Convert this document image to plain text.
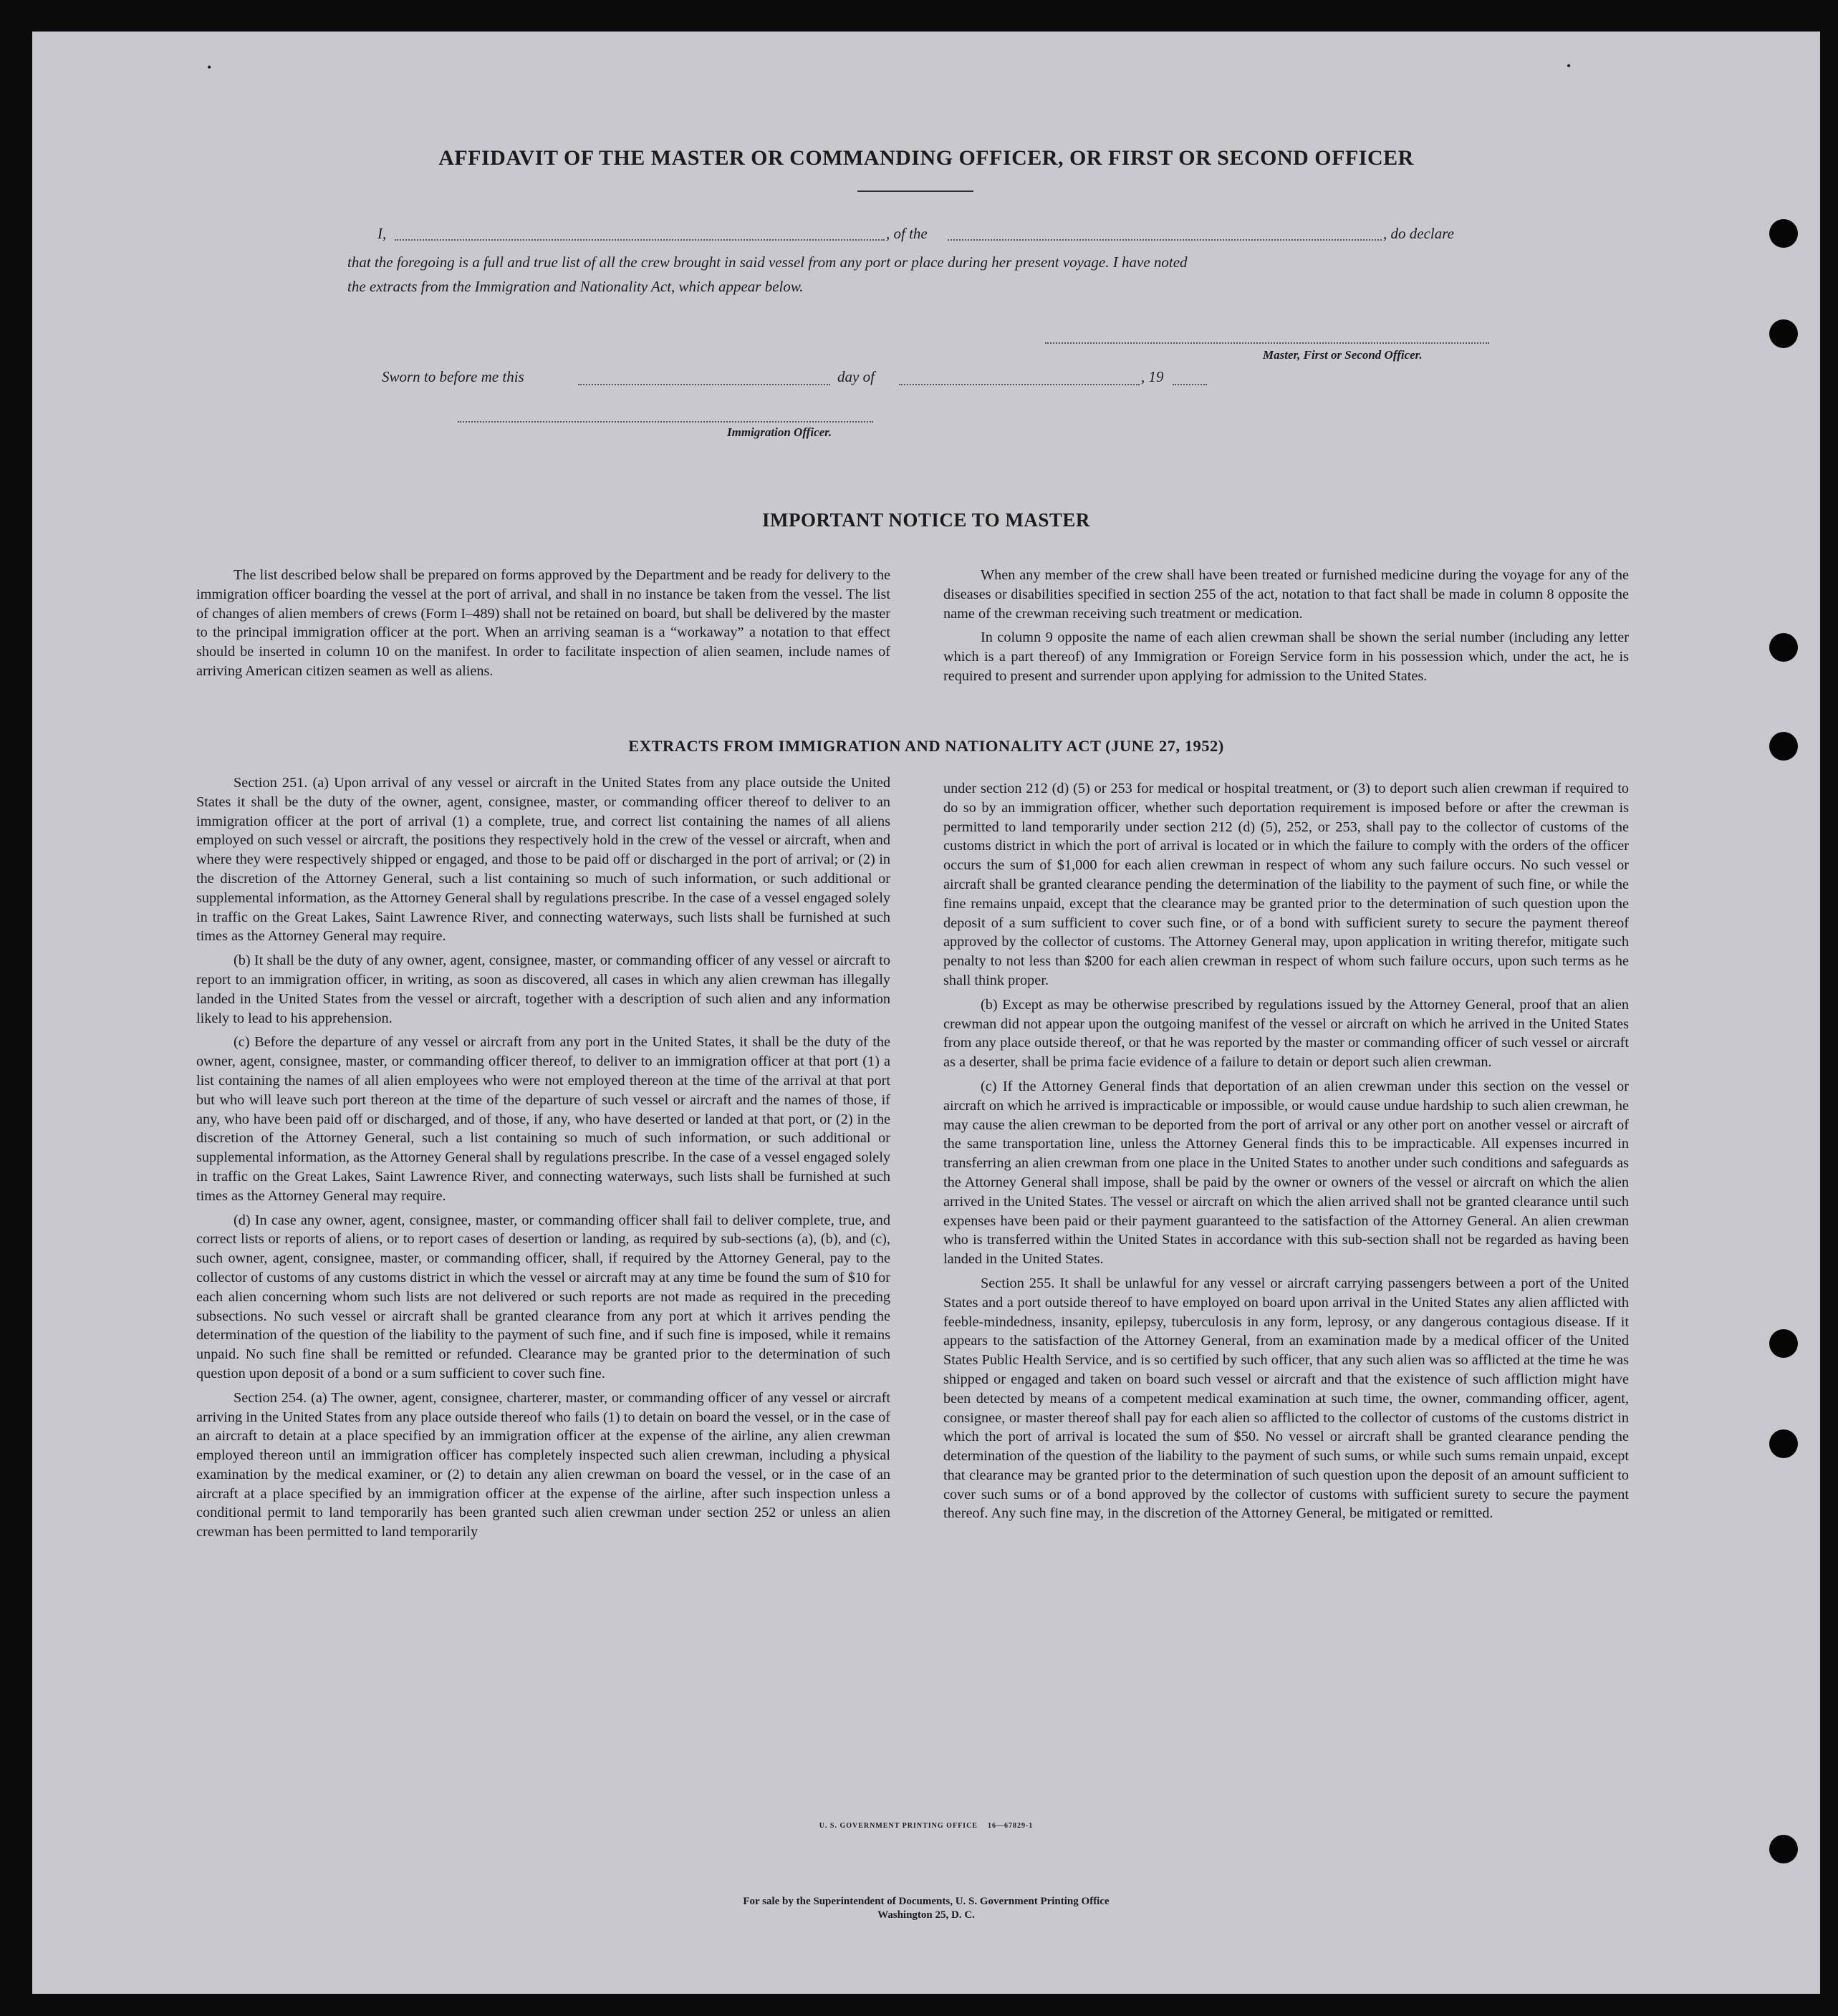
AFFIDAVIT OF THE MASTER OR COMMANDING OFFICER, OR FIRST OR SECOND OFFICER
I,	, of the	, do declare
that the foregoing is a full and true list of all the crew brought in said vessel from any port or place during her present voyage. I have noted
the extracts from the Immigration and Nationality Act, which appear below.
Master, First or Second Officer.
Sworn to before me this	day of	, 19
Immigration Officer.
IMPORTANT NOTICE TO MASTER

The list described below shall be prepared on forms approved by the Department and be ready for delivery to the immigration officer boarding the vessel at the port of arrival, and shall in no instance be taken from the vessel. The list of changes of alien members of crews (Form I–489) shall not be retained on board, but shall be delivered by the master to the principal immigration officer at the port. When an arriving seaman is a “workaway” a notation to that effect should be inserted in column 10 on the manifest. In order to facilitate inspection of alien seamen, include names of arriving American citizen seamen as well as aliens.

When any member of the crew shall have been treated or furnished medicine during the voyage for any of the diseases or disabilities specified in section 255 of the act, notation to that fact shall be made in column 8 opposite the name of the crewman receiving such treatment or medication.

In column 9 opposite the name of each alien crewman shall be shown the serial number (including any letter which is a part thereof) of any Immigration or Foreign Service form in his possession which, under the act, he is required to present and surrender upon applying for admission to the United States.

EXTRACTS FROM IMMIGRATION AND NATIONALITY ACT (JUNE 27, 1952)

Section 251. (a) Upon arrival of any vessel or aircraft in the United States from any place outside the United States it shall be the duty of the owner, agent, consignee, master, or commanding officer thereof to deliver to an immigration officer at the port of arrival (1) a complete, true, and correct list containing the names of all aliens employed on such vessel or aircraft, the positions they respectively hold in the crew of the vessel or aircraft, when and where they were respectively shipped or engaged, and those to be paid off or discharged in the port of arrival; or (2) in the discretion of the Attorney General, such a list containing so much of such information, or such additional or supplemental information, as the Attorney General shall by regulations prescribe. In the case of a vessel engaged solely in traffic on the Great Lakes, Saint Lawrence River, and connecting waterways, such lists shall be furnished at such times as the Attorney General may require.

(b) It shall be the duty of any owner, agent, consignee, master, or commanding officer of any vessel or aircraft to report to an immigration officer, in writing, as soon as discovered, all cases in which any alien crewman has illegally landed in the United States from the vessel or aircraft, together with a description of such alien and any information likely to lead to his apprehension.

(c) Before the departure of any vessel or aircraft from any port in the United States, it shall be the duty of the owner, agent, consignee, master, or commanding officer thereof, to deliver to an immigration officer at that port (1) a list containing the names of all alien employees who were not employed thereon at the time of the arrival at that port but who will leave such port thereon at the time of the departure of such vessel or aircraft and the names of those, if any, who have been paid off or discharged, and of those, if any, who have deserted or landed at that port, or (2) in the discretion of the Attorney General, such a list containing so much of such information, or such additional or supplemental information, as the Attorney General shall by regulations prescribe. In the case of a vessel engaged solely in traffic on the Great Lakes, Saint Lawrence River, and connecting waterways, such lists shall be furnished at such times as the Attorney General may require.

(d) In case any owner, agent, consignee, master, or commanding officer shall fail to deliver complete, true, and correct lists or reports of aliens, or to report cases of desertion or landing, as required by sub-sections (a), (b), and (c), such owner, agent, consignee, master, or commanding officer, shall, if required by the Attorney General, pay to the collector of customs of any customs district in which the vessel or aircraft may at any time be found the sum of $10 for each alien concerning whom such lists are not delivered or such reports are not made as required in the preceding subsections. No such vessel or aircraft shall be granted clearance from any port at which it arrives pending the determination of the question of the liability to the payment of such fine, and if such fine is imposed, while it remains unpaid. No such fine shall be remitted or refunded. Clearance may be granted prior to the determination of such question upon deposit of a bond or a sum sufficient to cover such fine.

Section 254. (a) The owner, agent, consignee, charterer, master, or commanding officer of any vessel or aircraft arriving in the United States from any place outside thereof who fails (1) to detain on board the vessel, or in the case of an aircraft to detain at a place specified by an immigration officer at the expense of the airline, any alien crewman employed thereon until an immigration officer has completely inspected such alien crewman, including a physical examination by the medical examiner, or (2) to detain any alien crewman on board the vessel, or in the case of an aircraft at a place specified by an immigration officer at the expense of the airline, after such inspection unless a conditional permit to land temporarily has been granted such alien crewman under section 252 or unless an alien crewman has been permitted to land temporarily

under section 212 (d) (5) or 253 for medical or hospital treatment, or (3) to deport such alien crewman if required to do so by an immigration officer, whether such deportation requirement is imposed before or after the crewman is permitted to land temporarily under section 212 (d) (5), 252, or 253, shall pay to the collector of customs of the customs district in which the port of arrival is located or in which the failure to comply with the orders of the officer occurs the sum of $1,000 for each alien crewman in respect of whom any such failure occurs. No such vessel or aircraft shall be granted clearance pending the determination of the liability to the payment of such fine, or while the fine remains unpaid, except that the clearance may be granted prior to the determination of such question upon the deposit of a sum sufficient to cover such fine, or of a bond with sufficient surety to secure the payment thereof approved by the collector of customs. The Attorney General may, upon application in writing therefor, mitigate such penalty to not less than $200 for each alien crewman in respect of whom such failure occurs, upon such terms as he shall think proper.

(b) Except as may be otherwise prescribed by regulations issued by the Attorney General, proof that an alien crewman did not appear upon the outgoing manifest of the vessel or aircraft on which he arrived in the United States from any place outside thereof, or that he was reported by the master or commanding officer of such vessel or aircraft as a deserter, shall be prima facie evidence of a failure to detain or deport such alien crewman.

(c) If the Attorney General finds that deportation of an alien crewman under this section on the vessel or aircraft on which he arrived is impracticable or impossible, or would cause undue hardship to such alien crewman, he may cause the alien crewman to be deported from the port of arrival or any other port on another vessel or aircraft of the same transportation line, unless the Attorney General finds this to be impracticable. All expenses incurred in transferring an alien crewman from one place in the United States to another under such conditions and safeguards as the Attorney General shall impose, shall be paid by the owner or owners of the vessel or aircraft on which the alien arrived in the United States. The vessel or aircraft on which the alien arrived shall not be granted clearance until such expenses have been paid or their payment guaranteed to the satisfaction of the Attorney General. An alien crewman who is transferred within the United States in accordance with this sub-section shall not be regarded as having been landed in the United States.

Section 255. It shall be unlawful for any vessel or aircraft carrying passengers between a port of the United States and a port outside thereof to have employed on board upon arrival in the United States any alien afflicted with feeble-mindedness, insanity, epilepsy, tuberculosis in any form, leprosy, or any dangerous contagious disease. If it appears to the satisfaction of the Attorney General, from an examination made by a medical officer of the United States Public Health Service, and is so certified by such officer, that any such alien was so afflicted at the time he was shipped or engaged and taken on board such vessel or aircraft and that the existence of such affliction might have been detected by means of a competent medical examination at such time, the owner, commanding officer, agent, consignee, or master thereof shall pay for each alien so afflicted to the collector of customs of the customs district in which the port of arrival is located the sum of $50. No vessel or aircraft shall be granted clearance pending the determination of the question of the liability to the payment of such sums, or while such sums remain unpaid, except that clearance may be granted prior to the determination of such question upon the deposit of an amount sufficient to cover such sums or of a bond approved by the collector of customs with sufficient surety to secure the payment thereof. Any such fine may, in the discretion of the Attorney General, be mitigated or remitted.

U. S. GOVERNMENT PRINTING OFFICE    16—67829-1
For sale by the Superintendent of Documents, U. S. Government Printing Office
Washington 25, D. C.
•	•
